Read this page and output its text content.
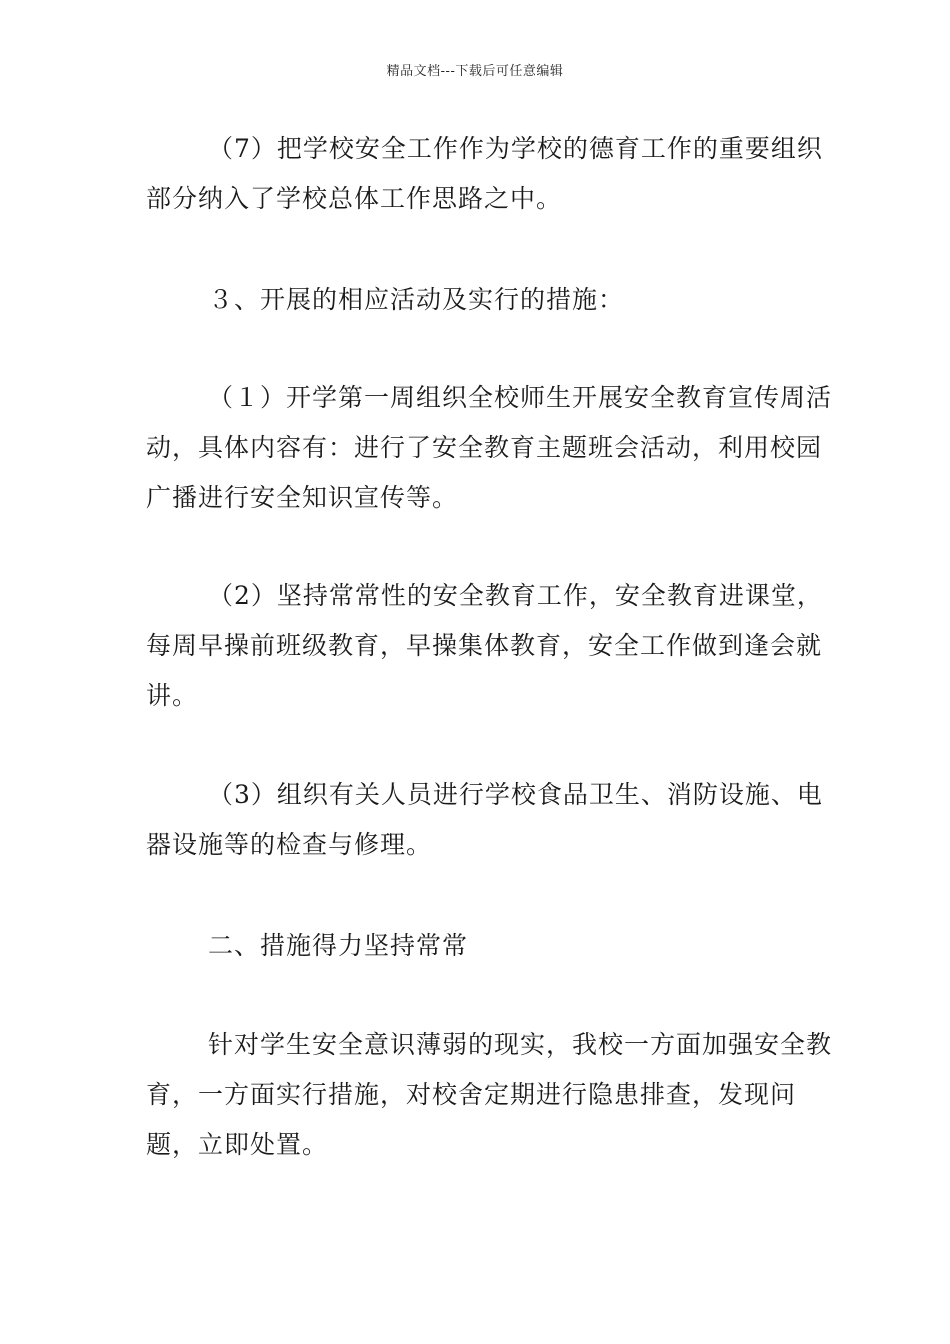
精品文档---下载后可任意编辑

（7）把学校安全工作作为学校的德育工作的重要组织部分纳入了学校总体工作思路之中。

３、开展的相应活动及实行的措施：

（１）开学第一周组织全校师生开展安全教育宣传周活动，具体内容有：进行了安全教育主题班会活动，利用校园广播进行安全知识宣传等。

（2）坚持常常性的安全教育工作，安全教育进课堂，每周早操前班级教育，早操集体教育，安全工作做到逢会就讲。

（3）组织有关人员进行学校食品卫生、消防设施、电器设施等的检查与修理。

二、措施得力坚持常常

针对学生安全意识薄弱的现实，我校一方面加强安全教育，一方面实行措施，对校舍定期进行隐患排查，发现问题，立即处置。
